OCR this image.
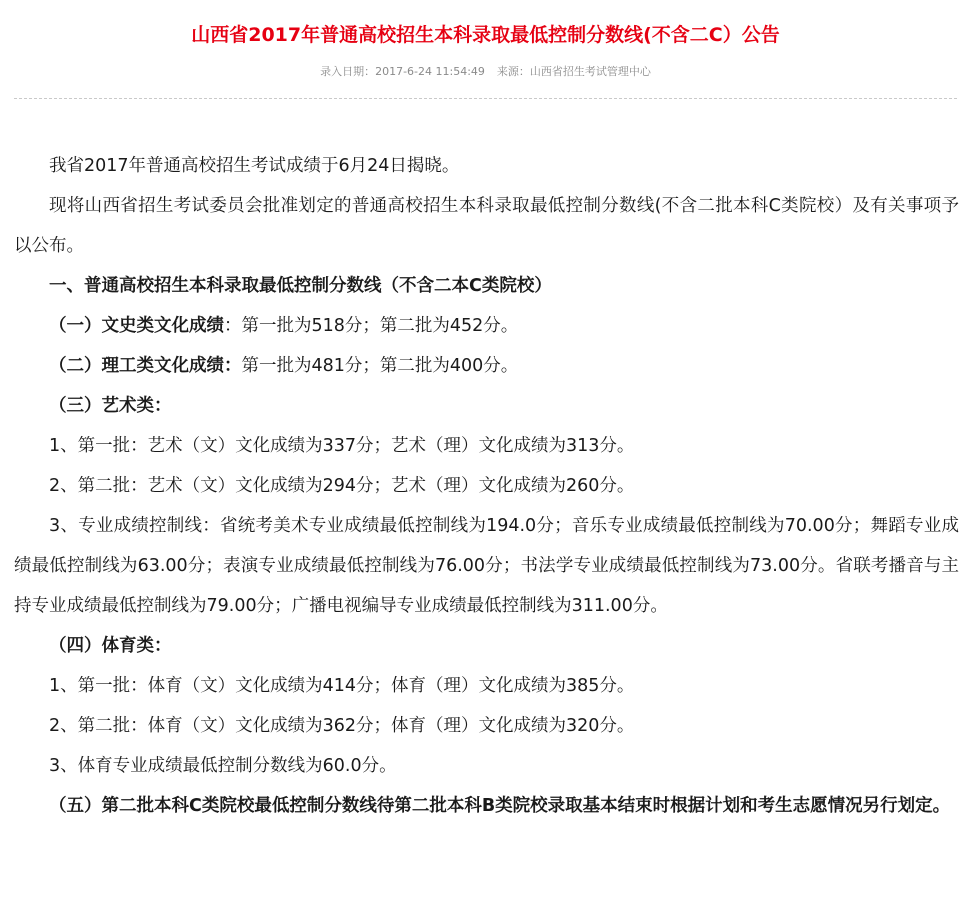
山西省2017年普通高校招生本科录取最低控制分数线(不含二C）公告
录入日期：2017-6-24 11:54:49 来源：山西省招生考试管理中心

我省2017年普通高校招生考试成绩于6月24日揭晓。

现将山西省招生考试委员会批准划定的普通高校招生本科录取最低控制分数线(不含二批本科C类院校）及有关事项予以公布。

一、普通高校招生本科录取最低控制分数线（不含二本C类院校）

（一）文史类文化成绩：第一批为518分；第二批为452分。

（二）理工类文化成绩：第一批为481分；第二批为400分。

（三）艺术类：

1、第一批：艺术（文）文化成绩为337分；艺术（理）文化成绩为313分。

2、第二批：艺术（文）文化成绩为294分；艺术（理）文化成绩为260分。

3、专业成绩控制线：省统考美术专业成绩最低控制线为194.0分；音乐专业成绩最低控制线为70.00分；舞蹈专业成绩最低控制线为63.00分；表演专业成绩最低控制线为76.00分；书法学专业成绩最低控制线为73.00分。省联考播音与主持专业成绩最低控制线为79.00分；广播电视编导专业成绩最低控制线为311.00分。

（四）体育类：

1、第一批：体育（文）文化成绩为414分；体育（理）文化成绩为385分。

2、第二批：体育（文）文化成绩为362分；体育（理）文化成绩为320分。

3、体育专业成绩最低控制分数线为60.0分。

（五）第二批本科C类院校最低控制分数线待第二批本科B类院校录取基本结束时根据计划和考生志愿情况另行划定。
